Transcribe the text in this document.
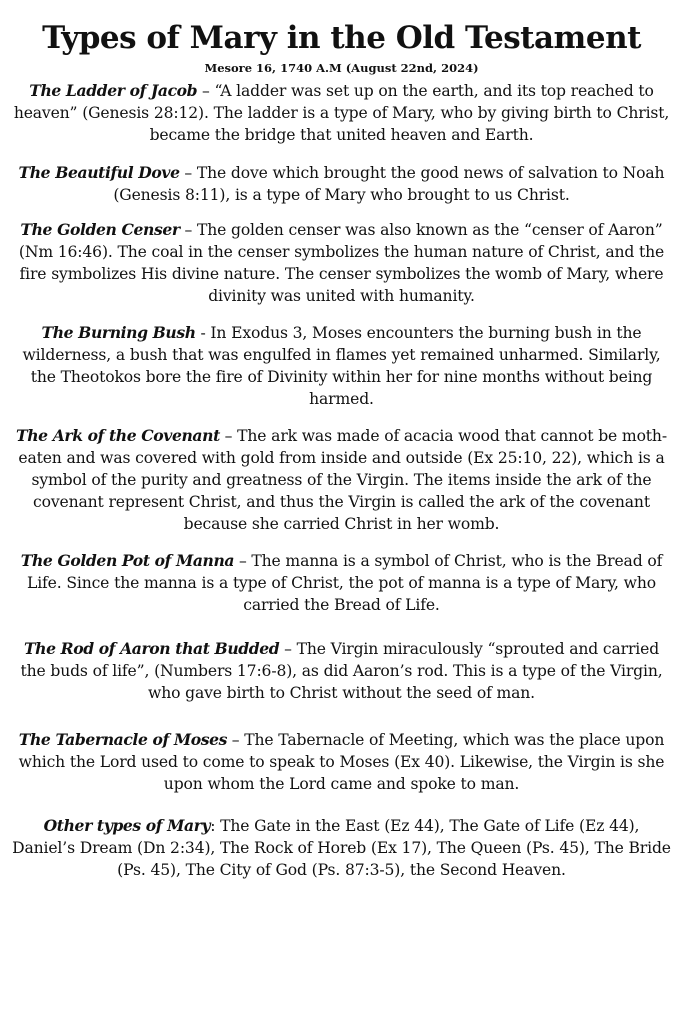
Types of Mary in the Old Testament
Mesore 16, 1740 A.M (August 22nd, 2024)

The Ladder of Jacob – “A ladder was set up on the earth, and its top reached to heaven” (Genesis 28:12). The ladder is a type of Mary, who by giving birth to Christ, became the bridge that united heaven and Earth.

The Beautiful Dove – The dove which brought the good news of salvation to Noah (Genesis 8:11), is a type of Mary who brought to us Christ.

The Golden Censer – The golden censer was also known as the “censer of Aaron” (Nm 16:46). The coal in the censer symbolizes the human nature of Christ, and the fire symbolizes His divine nature. The censer symbolizes the womb of Mary, where divinity was united with humanity.

The Burning Bush - In Exodus 3, Moses encounters the burning bush in the wilderness, a bush that was engulfed in flames yet remained unharmed. Similarly, the Theotokos bore the fire of Divinity within her for nine months without being harmed.

The Ark of the Covenant – The ark was made of acacia wood that cannot be moth-eaten and was covered with gold from inside and outside (Ex 25:10, 22), which is a symbol of the purity and greatness of the Virgin. The items inside the ark of the covenant represent Christ, and thus the Virgin is called the ark of the covenant because she carried Christ in her womb.

The Golden Pot of Manna – The manna is a symbol of Christ, who is the Bread of Life. Since the manna is a type of Christ, the pot of manna is a type of Mary, who carried the Bread of Life.

The Rod of Aaron that Budded – The Virgin miraculously “sprouted and carried the buds of life”, (Numbers 17:6-8), as did Aaron’s rod. This is a type of the Virgin, who gave birth to Christ without the seed of man.

The Tabernacle of Moses – The Tabernacle of Meeting, which was the place upon which the Lord used to come to speak to Moses (Ex 40). Likewise, the Virgin is she upon whom the Lord came and spoke to man.

Other types of Mary: The Gate in the East (Ez 44), The Gate of Life (Ez 44), Daniel’s Dream (Dn 2:34), The Rock of Horeb (Ex 17), The Queen (Ps. 45), The Bride (Ps. 45), The City of God (Ps. 87:3-5), the Second Heaven.
